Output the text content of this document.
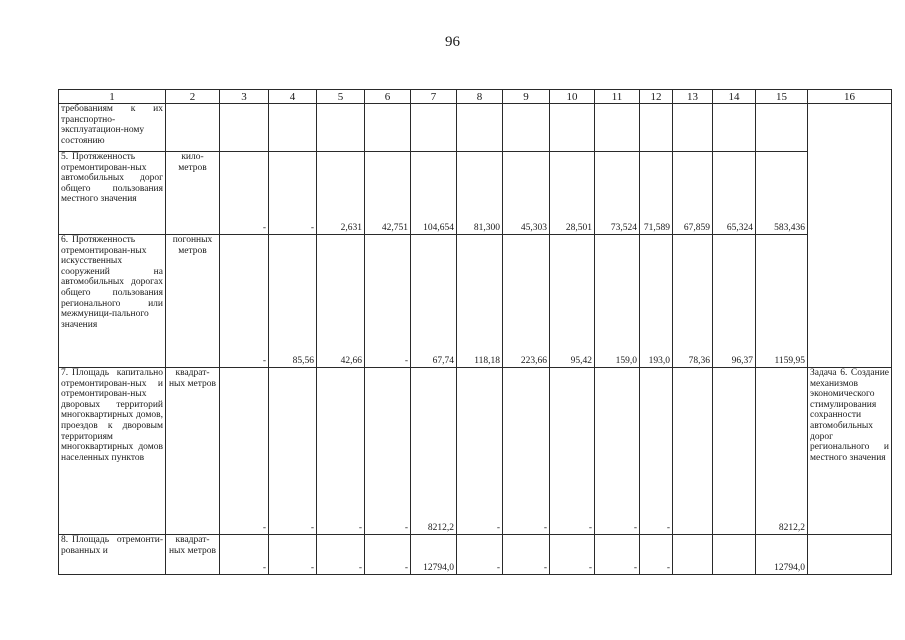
96
1	2	3	4	5	6	7	8	9	10	11	12	13	14	15	16
требованиям к их транспортно-эксплуатацион-ному состоянию															
5. Протяженность отремонтирован-ных автомобильных дорог общего пользования местного значения	кило-метров	-	-	2,631	42,751	104,654	81,300	45,303	28,501	73,524	71,589	67,859	65,324	583,436	
6. Протяженность отремонтирован-ных искусственных сооружений на автомобильных дорогах общего пользования регионального или межмуници-пального значения	погонных метров	-	85,56	42,66	-	67,74	118,18	223,66	95,42	159,0	193,0	78,36	96,37	1159,95	
7. Площадь капитально отремонтирован-ных и отремонтирован-ных дворовых территорий многоквартирных домов, проездов к дворовым территориям многоквартирных домов населенных пунктов	квадрат-ных метров	-	-	-	-	8212,2	-	-	-	-	-			8212,2	Задача 6. Создание механизмов экономического стимулирования сохранности автомобильных дорог регионального и местного значения
8. Площадь отремонти-рованных и	квадрат-ных метров	-	-	-	-	12794,0	-	-	-	-	-			12794,0	
